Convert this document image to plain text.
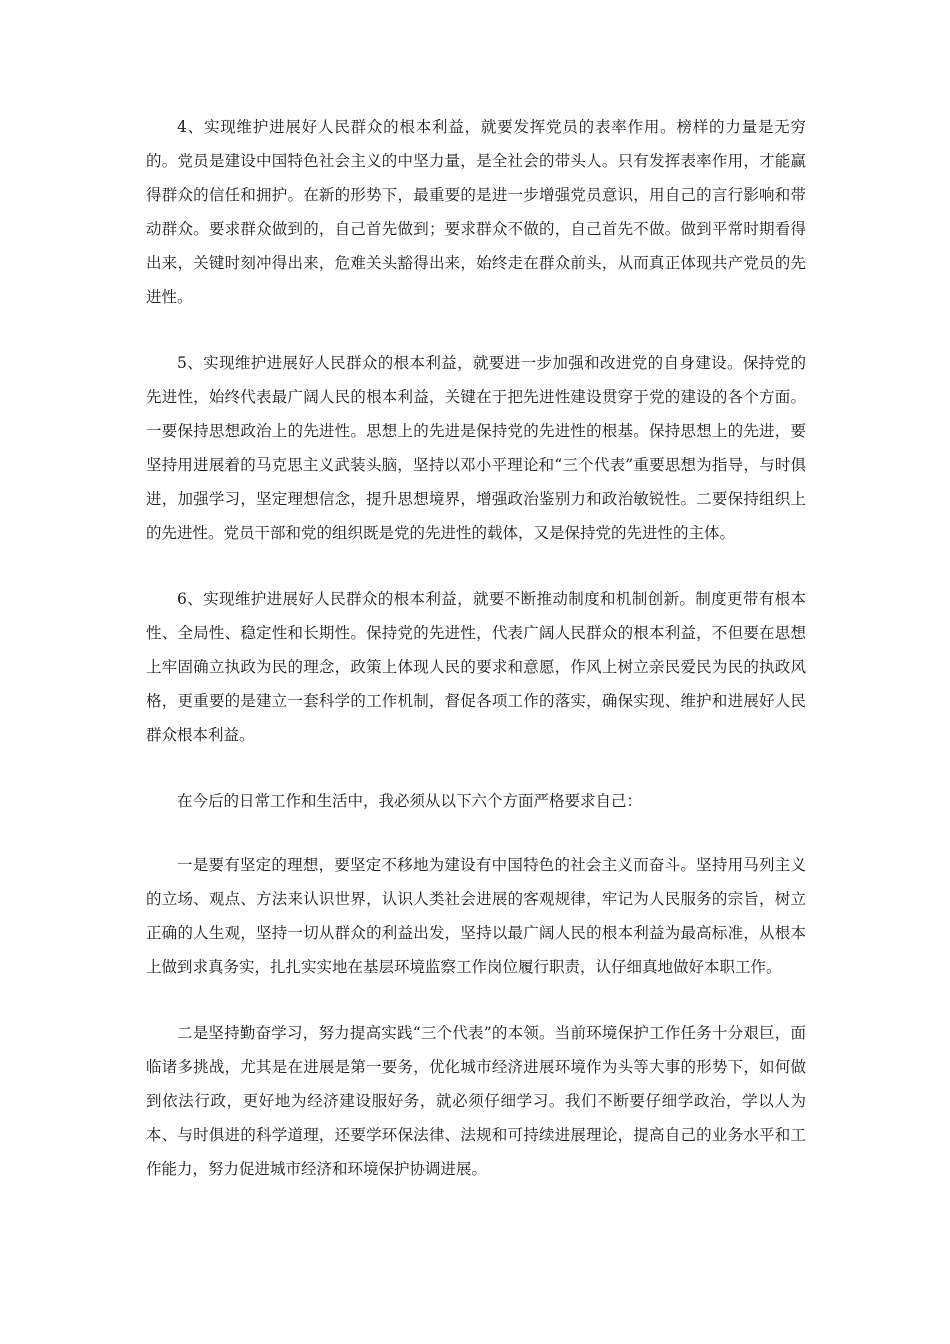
4、实现维护进展好人民群众的根本利益，就要发挥党员的表率作用。榜样的力量是无穷的。党员是建设中国特色社会主义的中坚力量，是全社会的带头人。只有发挥表率作用，才能赢得群众的信任和拥护。在新的形势下，最重要的是进一步增强党员意识，用自己的言行影响和带动群众。要求群众做到的，自己首先做到；要求群众不做的，自己首先不做。做到平常时期看得出来，关键时刻冲得出来，危难关头豁得出来，始终走在群众前头，从而真正体现共产党员的先进性。

5、实现维护进展好人民群众的根本利益，就要进一步加强和改进党的自身建设。保持党的先进性，始终代表最广阔人民的根本利益，关键在于把先进性建设贯穿于党的建设的各个方面。一要保持思想政治上的先进性。思想上的先进是保持党的先进性的根基。保持思想上的先进，要坚持用进展着的马克思主义武装头脑，坚持以邓小平理论和“三个代表”重要思想为指导，与时俱进，加强学习，坚定理想信念，提升思想境界，增强政治鉴别力和政治敏锐性。二要保持组织上的先进性。党员干部和党的组织既是党的先进性的载体，又是保持党的先进性的主体。

6、实现维护进展好人民群众的根本利益，就要不断推动制度和机制创新。制度更带有根本性、全局性、稳定性和长期性。保持党的先进性，代表广阔人民群众的根本利益，不但要在思想上牢固确立执政为民的理念，政策上体现人民的要求和意愿，作风上树立亲民爱民为民的执政风格，更重要的是建立一套科学的工作机制，督促各项工作的落实，确保实现、维护和进展好人民群众根本利益。

在今后的日常工作和生活中，我必须从以下六个方面严格要求自己：

一是要有坚定的理想，要坚定不移地为建设有中国特色的社会主义而奋斗。坚持用马列主义的立场、观点、方法来认识世界，认识人类社会进展的客观规律，牢记为人民服务的宗旨，树立正确的人生观，坚持一切从群众的利益出发，坚持以最广阔人民的根本利益为最高标准，从根本上做到求真务实，扎扎实实地在基层环境监察工作岗位履行职责，认仔细真地做好本职工作。

二是坚持勤奋学习，努力提高实践“三个代表”的本领。当前环境保护工作任务十分艰巨，面临诸多挑战，尤其是在进展是第一要务，优化城市经济进展环境作为头等大事的形势下，如何做到依法行政，更好地为经济建设服好务，就必须仔细学习。我们不断要仔细学政治，学以人为本、与时俱进的科学道理，还要学环保法律、法规和可持续进展理论，提高自己的业务水平和工作能力，努力促进城市经济和环境保护协调进展。
